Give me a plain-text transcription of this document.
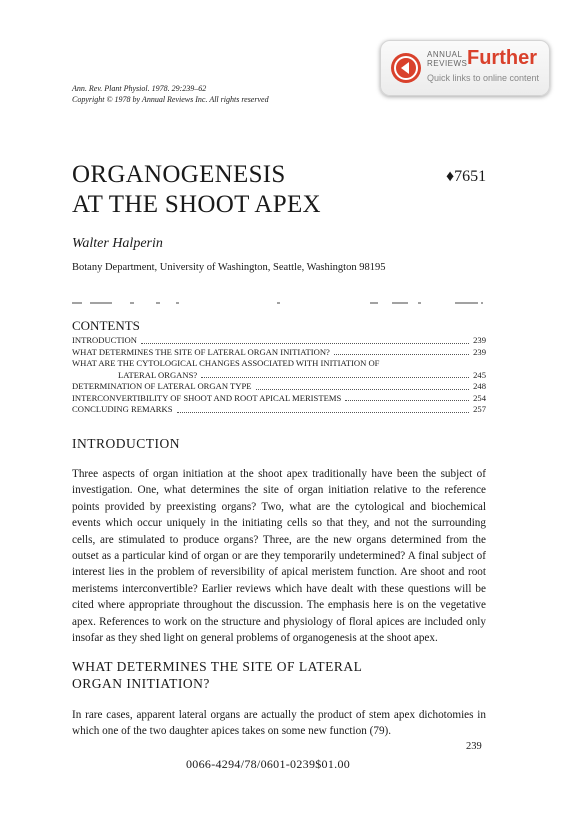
ANNUAL
REVIEWS Further
Quick links to online content
Ann. Rev. Plant Physiol. 1978. 29:239–62
Copyright © 1978 by Annual Reviews Inc. All rights reserved
ORGANOGENESIS
AT THE SHOOT APEX
♦7651
Walter Halperin
Botany Department, University of Washington, Seattle, Washington 98195
CONTENTS
INTRODUCTION	239
WHAT DETERMINES THE SITE OF LATERAL ORGAN INITIATION?	239
WHAT ARE THE CYTOLOGICAL CHANGES ASSOCIATED WITH INITIATION OF
LATERAL ORGANS?	245
DETERMINATION OF LATERAL ORGAN TYPE	248
INTERCONVERTIBILITY OF SHOOT AND ROOT APICAL MERISTEMS	254
CONCLUDING REMARKS	257
INTRODUCTION
Three aspects of organ initiation at the shoot apex traditionally have been the subject of investigation. One, what determines the site of organ initiation relative to the reference points provided by preexisting organs? Two, what are the cytological and biochemical events which occur uniquely in the initiating cells so that they, and not the surrounding cells, are stimulated to produce organs? Three, are the new organs determined from the outset as a particular kind of organ or are they temporarily undetermined? A final subject of interest lies in the problem of reversibility of apical meristem function. Are shoot and root meristems interconvertible? Earlier reviews which have dealt with these questions will be cited where appropriate throughout the discussion. The emphasis here is on the vegetative apex. References to work on the structure and physiology of floral apices are included only insofar as they shed light on general problems of organogenesis at the shoot apex.
WHAT DETERMINES THE SITE OF LATERAL
ORGAN INITIATION?
In rare cases, apparent lateral organs are actually the product of stem apex dichotomies in which one of the two daughter apices takes on some new function (79).
239
0066-4294/78/0601-0239$01.00
